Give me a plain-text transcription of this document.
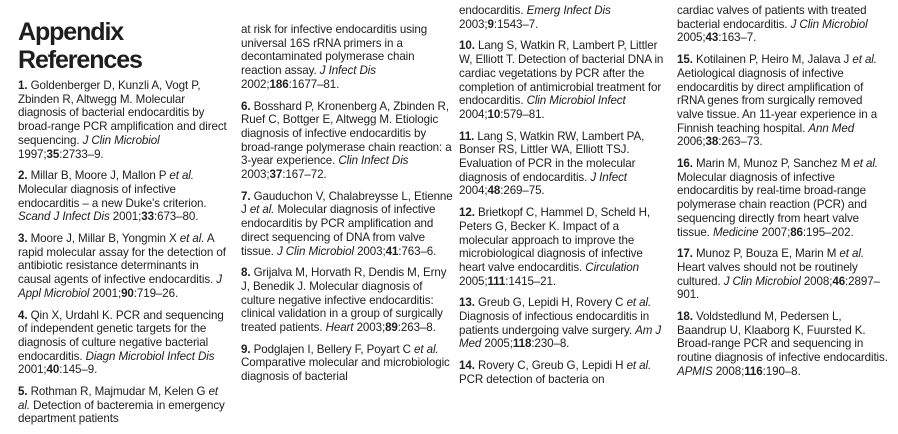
Appendix References
1. Goldenberger D, Kunzli A, Vogt P, Zbinden R, Altwegg M. Molecular diagnosis of bacterial endocarditis by broad-range PCR amplification and direct sequencing. J Clin Microbiol 1997;35:2733–9.
2. Millar B, Moore J, Mallon P et al. Molecular diagnosis of infective endocarditis – a new Duke's criterion. Scand J Infect Dis 2001;33:673–80.
3. Moore J, Millar B, Yongmin X et al. A rapid molecular assay for the detection of antibiotic resistance determinants in causal agents of infective endocarditis. J Appl Microbiol 2001;90:719–26.
4. Qin X, Urdahl K. PCR and sequencing of independent genetic targets for the diagnosis of culture negative bacterial endocarditis. Diagn Microbiol Infect Dis 2001;40:145–9.
5. Rothman R, Majmudar M, Kelen G et al. Detection of bacteremia in emergency department patients
at risk for infective endocarditis using universal 16S rRNA primers in a decontaminated polymerase chain reaction assay. J Infect Dis 2002;186:1677–81.
6. Bosshard P, Kronenberg A, Zbinden R, Ruef C, Bottger E, Altwegg M. Etiologic diagnosis of infective endocarditis by broad-range polymerase chain reaction: a 3-year experience. Clin Infect Dis 2003;37:167–72.
7. Gauduchon V, Chalabreysse L, Etienne J et al. Molecular diagnosis of infective endocarditis by PCR amplification and direct sequencing of DNA from valve tissue. J Clin Microbiol 2003;41:763–6.
8. Grijalva M, Horvath R, Dendis M, Erny J, Benedik J. Molecular diagnosis of culture negative infective endocarditis: clinical validation in a group of surgically treated patients. Heart 2003;89:263–8.
9. Podglajen I, Bellery F, Poyart C et al. Comparative molecular and microbiologic diagnosis of bacterial
endocarditis. Emerg Infect Dis
2003;9:1543–7.
10. Lang S, Watkin R, Lambert P, Littler W, Elliott T. Detection of bacterial DNA in cardiac vegetations by PCR after the completion of antimicrobial treatment for endocarditis. Clin Microbiol Infect 2004;10:579–81.
11. Lang S, Watkin RW, Lambert PA, Bonser RS, Littler WA, Elliott TSJ. Evaluation of PCR in the molecular diagnosis of endocarditis. J Infect 2004;48:269–75.
12. Brietkopf C, Hammel D, Scheld H, Peters G, Becker K. Impact of a molecular approach to improve the microbiological diagnosis of infective heart valve endocarditis. Circulation 2005;111:1415–21.
13. Greub G, Lepidi H, Rovery C et al. Diagnosis of infectious endocarditis in patients undergoing valve surgery. Am J Med 2005;118:230–8.
14. Rovery C, Greub G, Lepidi H et al. PCR detection of bacteria on
cardiac valves of patients with treated bacterial endocarditis. J Clin Microbiol
2005;43:163–7.
15. Kotilainen P, Heiro M, Jalava J et al. Aetiological diagnosis of infective endocarditis by direct amplification of rRNA genes from surgically removed valve tissue. An 11-year experience in a Finnish teaching hospital. Ann Med 2006;38:263–73.
16. Marin M, Munoz P, Sanchez M et al. Molecular diagnosis of infective endocarditis by real-time broad-range polymerase chain reaction (PCR) and sequencing directly from heart valve tissue. Medicine 2007;86:195–202.
17. Munoz P, Bouza E, Marin M et al. Heart valves should not be routinely cultured. J Clin Microbiol 2008;46:2897–901.
18. Voldstedlund M, Pedersen L, Baandrup U, Klaaborg K, Fuursted K. Broad-range PCR and sequencing in routine diagnosis of infective endocarditis. APMIS 2008;116:190–8.
